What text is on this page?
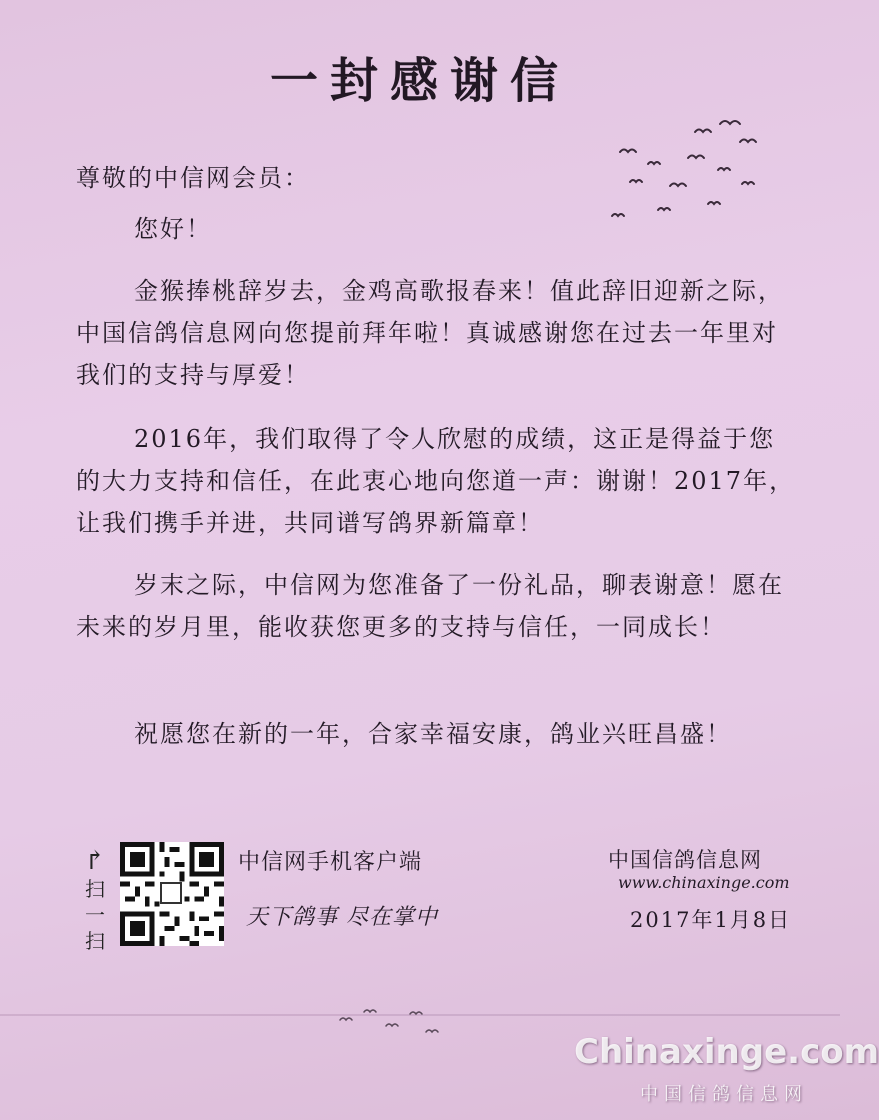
一封感谢信
尊敬的中信网会员：
您好！

金猴捧桃辞岁去，金鸡高歌报春来！值此辞旧迎新之际，中国信鸽信息网向您提前拜年啦！真诚感谢您在过去一年里对我们的支持与厚爱！

2016年，我们取得了令人欣慰的成绩，这正是得益于您的大力支持和信任，在此衷心地向您道一声：谢谢！2017年，让我们携手并进，共同谱写鸽界新篇章！

岁末之际，中信网为您准备了一份礼品，聊表谢意！愿在未来的岁月里，能收获您更多的支持与信任，一同成长！

祝愿您在新的一年，合家幸福安康，鸽业兴旺昌盛！

↱
扫一扫
中信网手机客户端
天下鸽事 尽在掌中
中国信鸽信息网
www.chinaxinge.com
2017年1月8日
Chinaxinge.com
中国信鸽信息网
